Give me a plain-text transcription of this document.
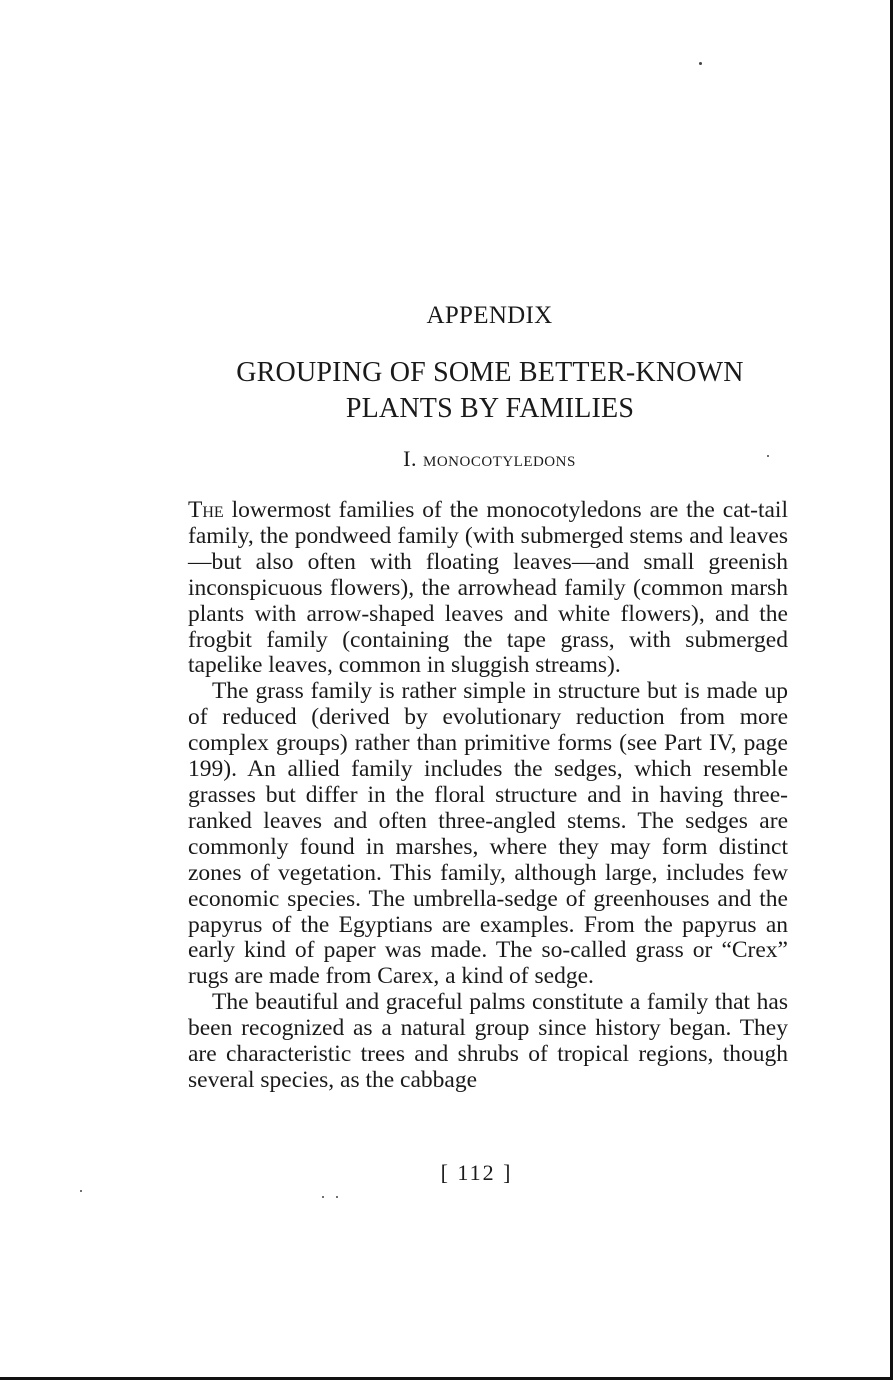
APPENDIX
GROUPING OF SOME BETTER-KNOWN
PLANTS BY FAMILIES
I. monocotyledons

The lowermost families of the monocotyledons are the cat-tail family, the pondweed family (with submerged stems and leaves—but also often with floating leaves—and small greenish inconspicuous flowers), the arrowhead family (common marsh plants with arrow-shaped leaves and white flowers), and the frogbit family (containing the tape grass, with submerged tapelike leaves, common in sluggish streams).

The grass family is rather simple in structure but is made up of reduced (derived by evolutionary reduction from more complex groups) rather than primitive forms (see Part IV, page 199). An allied family includes the sedges, which resemble grasses but differ in the floral structure and in having three-ranked leaves and often three-angled stems. The sedges are commonly found in marshes, where they may form distinct zones of vegetation. This family, although large, includes few economic species. The umbrella-sedge of greenhouses and the papyrus of the Egyptians are examples. From the papyrus an early kind of paper was made. The so-called grass or “Crex” rugs are made from Carex, a kind of sedge.

The beautiful and graceful palms constitute a family that has been recognized as a natural group since history began. They are characteristic trees and shrubs of tropical regions, though several species, as the cabbage

[ 112 ]
